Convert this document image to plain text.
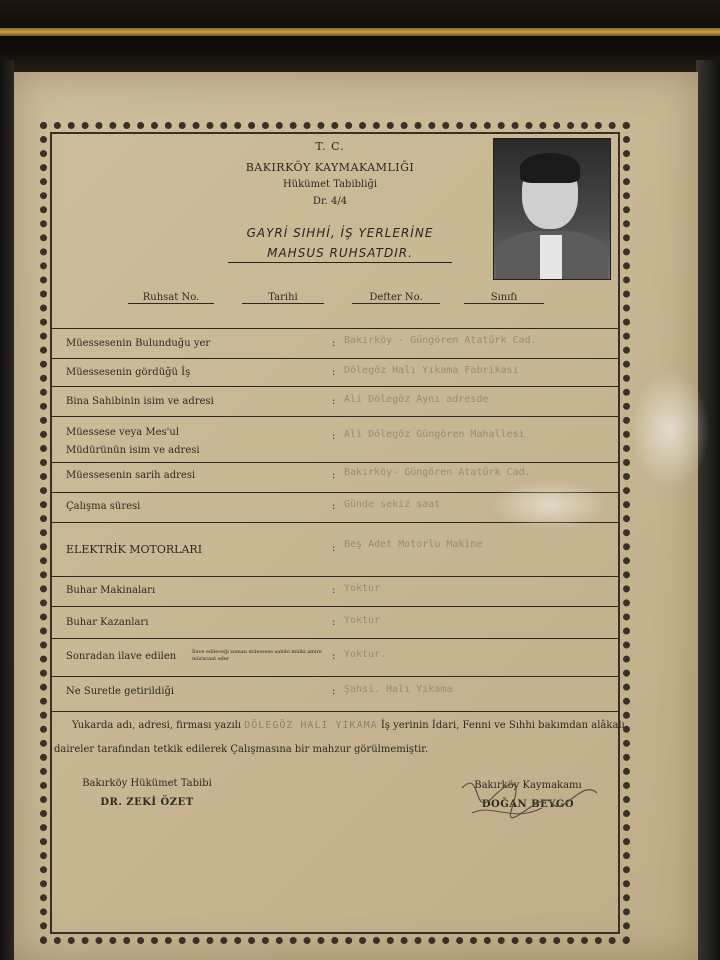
T. C.
BAKIRKÖY KAYMAKAMLIĞI
Hükümet Tabibliği
Dr. 4/4
GAYRİ SIHHİ, İŞ YERLERİNE
MAHSUS RUHSATDIR.
Ruhsat No.	Tarihi	Defter No.	Sınıfı
Müessesenin Bulunduğu yer	: Bakırköy - Güngören Atatürk Cad.
Müessesenin gördüğü İş	: Dölegöz Halı Yıkama Fabrikası
Bina Sahibinin isim ve adresi	: Ali Dölegöz Aynı adresde
Müessese veya Mes'ul
Müdürünün isim ve adresi
: Ali Dölegöz Güngören Mahallesi
Müessesenin sarih adresi	: Bakırköy- Güngören Atatürk Cad.
Çalışma süresi	: Günde sekiz saat
ELEKTRİK MOTORLARI	: Beş Adet Motorlu Makine
Buhar Makinaları	: Yoktur
Buhar Kazanları	: Yoktur
Sonradan ilave edilen	İlave edileceği zaman müessese sahibi mülki amire müracaat eder	: Yoktur.
Ne Suretle getirildiği	: Şahsi. Halı Yıkama
Yukarda adı, adresi, firması yazılı DÖLEGÖZ HALI YIKAMA İş yerinin İdari, Fenni ve Sıhhi bakımdan alâkalı daireler tarafından tetkik edilerek Çalışmasına bir mahzur görülmemiştir.
Bakırköy Hükümet Tabibi
DR. ZEKİ ÖZET
Bakırköy Kaymakamı
DOĞAN BEYGO
